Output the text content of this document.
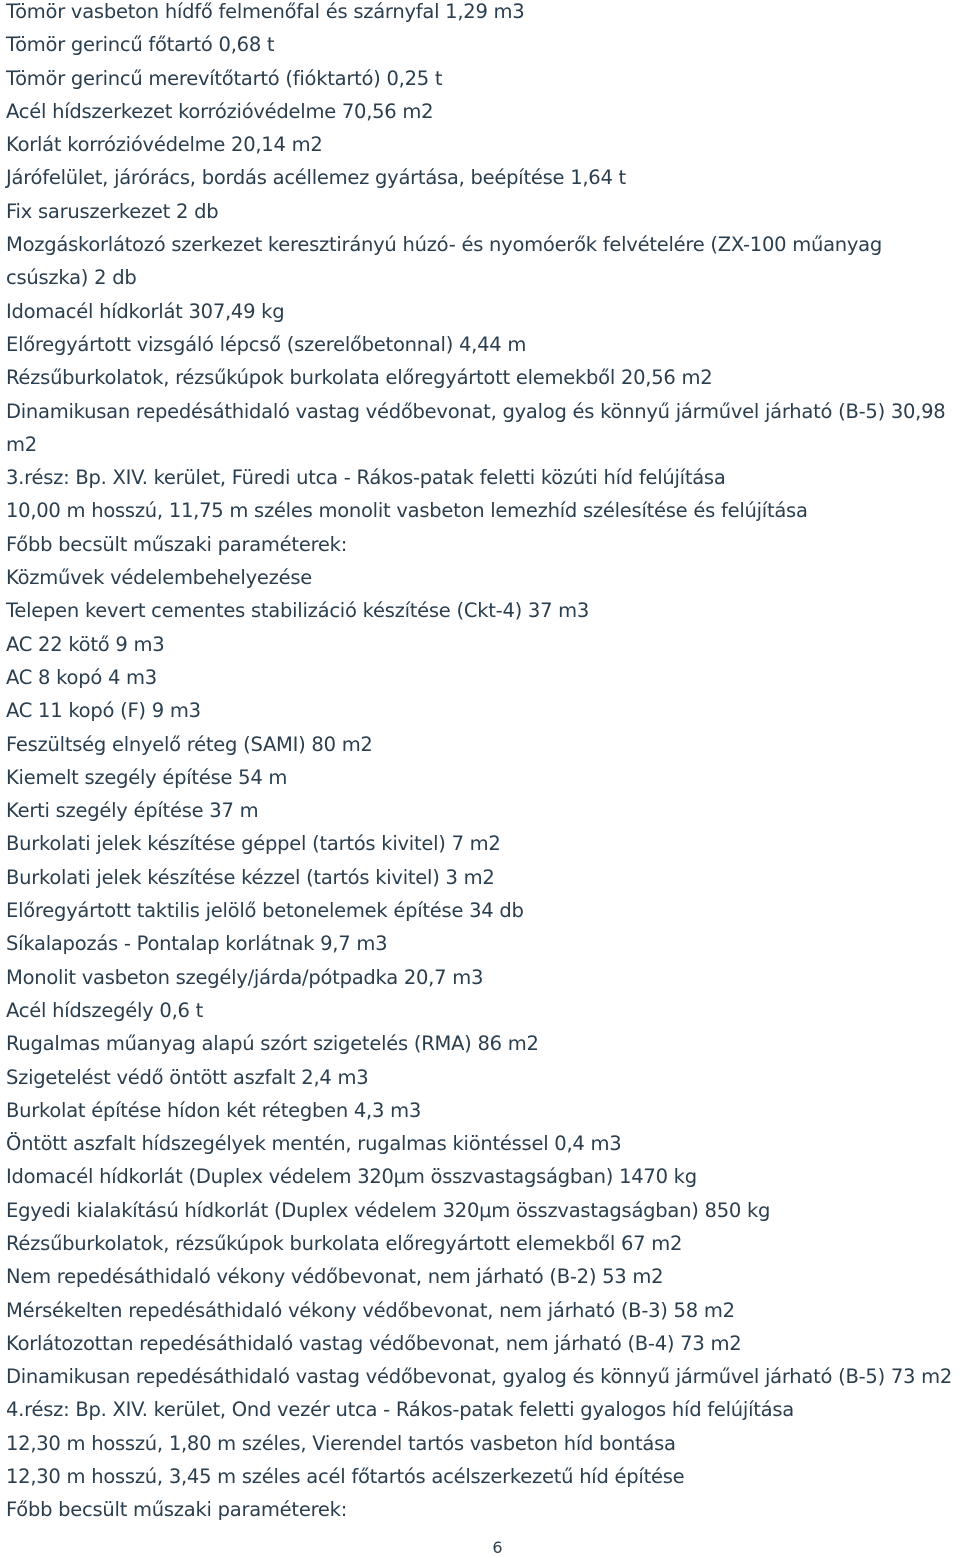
Tömör vasbeton hídfő felmenőfal és szárnyfal 1,29 m3
Tömör gerincű főtartó 0,68 t
Tömör gerincű merevítőtartó (fióktartó) 0,25 t
Acél hídszerkezet korrózióvédelme 70,56 m2
Korlát korrózióvédelme 20,14 m2
Járófelület, járórács, bordás acéllemez gyártása, beépítése 1,64 t
Fix saruszerkezet 2 db
Mozgáskorlátozó szerkezet keresztirányú húzó- és nyomóerők felvételére (ZX-100 műanyag
csúszka) 2 db
Idomacél hídkorlát 307,49 kg
Előregyártott vizsgáló lépcső (szerelőbetonnal) 4,44 m
Rézsűburkolatok, rézsűkúpok burkolata előregyártott elemekből 20,56 m2
Dinamikusan repedésáthidaló vastag védőbevonat, gyalog és könnyű járművel járható (B-5) 30,98
m2
3.rész: Bp. XIV. kerület, Füredi utca - Rákos-patak feletti közúti híd felújítása
10,00 m hosszú, 11,75 m széles monolit vasbeton lemezhíd szélesítése és felújítása
Főbb becsült műszaki paraméterek:
Közművek védelembehelyezése
Telepen kevert cementes stabilizáció készítése (Ckt-4) 37 m3
AC 22 kötő 9 m3
AC 8 kopó 4 m3
AC 11 kopó (F) 9 m3
Feszültség elnyelő réteg (SAMI) 80 m2
Kiemelt szegély építése 54 m
Kerti szegély építése 37 m
Burkolati jelek készítése géppel (tartós kivitel) 7 m2
Burkolati jelek készítése kézzel (tartós kivitel) 3 m2
Előregyártott taktilis jelölő betonelemek építése 34 db
Síkalapozás - Pontalap korlátnak 9,7 m3
Monolit vasbeton szegély/járda/pótpadka 20,7 m3
Acél hídszegély 0,6 t
Rugalmas műanyag alapú szórt szigetelés (RMA) 86 m2
Szigetelést védő öntött aszfalt 2,4 m3
Burkolat építése hídon két rétegben 4,3 m3
Öntött aszfalt hídszegélyek mentén, rugalmas kiöntéssel 0,4 m3
Idomacél hídkorlát (Duplex védelem 320μm összvastagságban) 1470 kg
Egyedi kialakítású hídkorlát (Duplex védelem 320μm összvastagságban) 850 kg
Rézsűburkolatok, rézsűkúpok burkolata előregyártott elemekből 67 m2
Nem repedésáthidaló vékony védőbevonat, nem járható (B-2) 53 m2
Mérsékelten repedésáthidaló vékony védőbevonat, nem járható (B-3) 58 m2
Korlátozottan repedésáthidaló vastag védőbevonat, nem járható (B-4) 73 m2
Dinamikusan repedésáthidaló vastag védőbevonat, gyalog és könnyű járművel járható (B-5) 73 m2
4.rész: Bp. XIV. kerület, Ond vezér utca - Rákos-patak feletti gyalogos híd felújítása
12,30 m hosszú, 1,80 m széles, Vierendel tartós vasbeton híd bontása
12,30 m hosszú, 3,45 m széles acél főtartós acélszerkezetű híd építése
Főbb becsült műszaki paraméterek:
6
